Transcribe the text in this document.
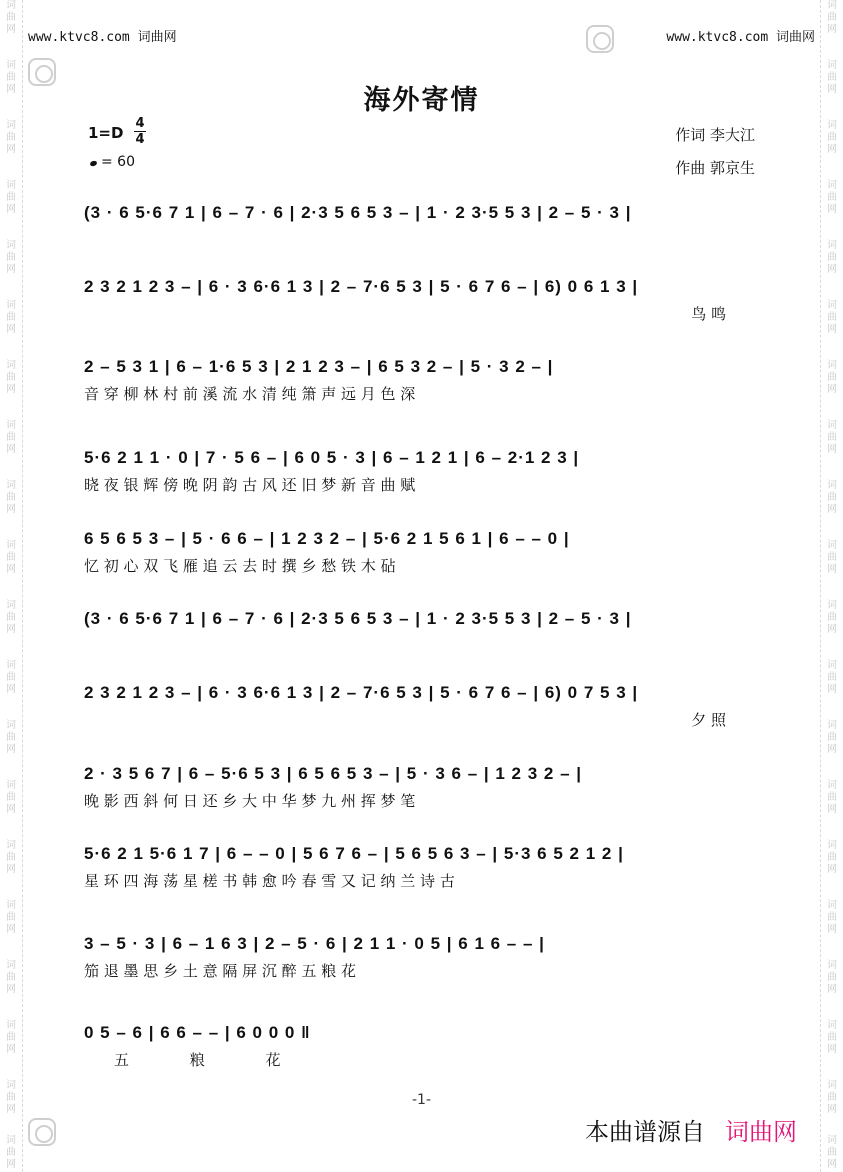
词
曲
网
词
曲
网
词
曲
网
词
曲
网
词
曲
网
词
曲
网
词
曲
网
词
曲
网
词
曲
网
词
曲
网
词
曲
网
词
曲
网
词
曲
网
词
曲
网
词
曲
网
词
曲
网
词
曲
网
词
曲
网
词
曲
网
词
曲
网
词
曲
网
词
曲
网
词
曲
网
词
曲
网
词
曲
网
词
曲
网
词
曲
网
词
曲
网
词
曲
网
词
曲
网
词
曲
网
词
曲
网
词
曲
网
词
曲
网
词
曲
网
词
曲
网
词
曲
网
词
曲
网
词
曲
网
词
曲
网
www.ktvc8.com 词曲网	www.ktvc8.com 词曲网
海外寄情
1=D
4
4
= 60
作词 李大江
作曲 郭京生
(3 · 6 5·6 7 1 | 6 – 7 · 6 | 2·3 5 6 5 3 – | 1 · 2 3·5 5 3 | 2 – 5 · 3 |
2 3 2 1 2 3 – | 6 · 3 6·6 1 3 | 2 – 7·6 5 3 | 5 · 6 7 6 – | 6) 0 6 1 3 |
鸟 鸣
2 – 5 3 1 | 6 – 1·6 5 3 | 2 1 2 3 – | 6 5 3 2 – | 5 · 3 2 – |
音 穿 柳 林 村 前 溪 流 水 清 纯 箫 声 远 月 色 深
5·6 2 1 1 · 0 | 7 · 5 6 – | 6 0 5 · 3 | 6 – 1 2 1 | 6 – 2·1 2 3 |
晓 夜 银 辉 傍 晚 阴 韵 古 风 还 旧 梦 新 音 曲 赋
6 5 6 5 3 – | 5 · 6 6 – | 1 2 3 2 – | 5·6 2 1 5 6 1 | 6 – – 0 |
忆 初 心 双 飞 雁 追 云 去 时 撰 乡 愁 铁 木 砧
(3 · 6 5·6 7 1 | 6 – 7 · 6 | 2·3 5 6 5 3 – | 1 · 2 3·5 5 3 | 2 – 5 · 3 |
2 3 2 1 2 3 – | 6 · 3 6·6 1 3 | 2 – 7·6 5 3 | 5 · 6 7 6 – | 6) 0 7 5 3 |
夕 照
2 · 3 5 6 7 | 6 – 5·6 5 3 | 6 5 6 5 3 – | 5 · 3 6 – | 1 2 3 2 – |
晚 影 西 斜 何 日 还 乡 大 中 华 梦 九 州 挥 梦 笔
5·6 2 1 5·6 1 7 | 6 – – 0 | 5 6 7 6 – | 5 6 5 6 3 – | 5·3 6 5 2 1 2 |
星 环 四 海 荡 星 槎 书 韩 愈 吟 春 雪 又 记 纳 兰 诗 古
3 – 5 · 3 | 6 – 1 6 3 | 2 – 5 · 6 | 2 1 1 · 0 5 | 6 1 6 – – |
笳 退 墨 思 乡 土 意 隔 屏 沉 醉 五 粮 花
0 5 – 6 | 6 6 – – | 6 0 0 0 ‖
五 粮 花
-1-
本曲谱源自 词曲网
